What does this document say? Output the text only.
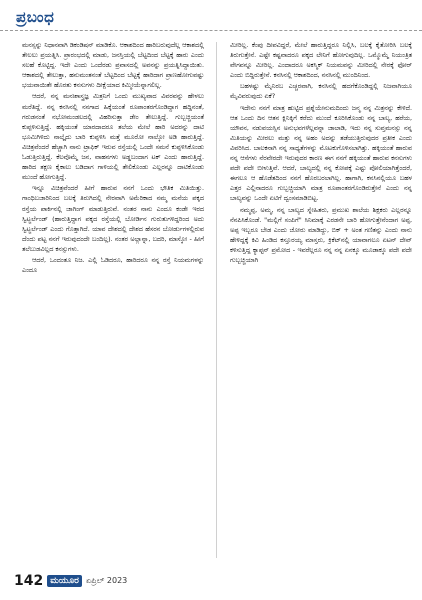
ಪ್ರಬಂಧ

ಮನಸ್ಸನ್ನು ನಿಧಾನವಾಗಿ ಡಿಕಂಡಿಷನ್ ಮಾಡಿಕೊ. ಆಕಾಶದಿಂದ ಹಾರಿಬರುವುದೆಲ್ಲ ಆಕಾಶದಲ್ಲಿ ತೇಲಲು ಪ್ರಯತ್ನಿಸಿ. ಪ್ರಾರಂಭದಲ್ಲಿ ಮಾಡು, ಜನಸ್ತಿಯಲ್ಲಿ ಬೆಟ್ಟದಿಂದ ಬೆಟ್ಟಕ್ಕೆ ಹಾರು ಎಂದು ಸಲಹೆ ಕೊಟ್ಟಿದ್ದ. ಇದೇ ಎಂದು ಒಂದೆರಡು ಪ್ರವಾಸದಲ್ಲಿ ಅವನನ್ನು ಪ್ರಯತ್ನಿಸಿದ್ದಾಯಿತು. ಆಕಾಶದಲ್ಲಿ ತೇಲುತ್ತಾ, ಹನುಮಂತನಂತೆ ಬೆಟ್ಟದಿಂದ ಬೆಟ್ಟಕ್ಕೆ ಹಾರಿದಾಗ ಪ್ರಾಣಹೋಗುವಷ್ಟು ಭಯವಾಯಿತೇ ಹೊರತು ಕನಸುಗಳು ದೀಕ್ಷೆಯಾದ ಕಿಮ್ಮೀಯೆನ್ನಾಗಲಿಲ್ಲ.

ಆದರೆ, ನನ್ನ ಮನಃಶಾಸ್ತ್ರಜ್ಞ ಮಿತ್ರನಿಗೆ ಒಂದು ಮುಖ್ಯವಾದ ವಿವರವನ್ನು ಹೇಳಲು ಮರೆತಿದ್ದೆ. ನನ್ನ ಕನಸಿನಲ್ಲಿ ನನಗಾದ ಹಿಕ್ಕೆಯಂತೆ ರೂಪಾಂತರಗೊಂಡಿದ್ದಾಗ ಹದ್ದಿನಂತೆ, ಗರುಡನಂತೆ ನಭೋಮಂಡಲದಲ್ಲಿ ವಿಹರಿಸುತ್ತಾ ಡೇಂ ತೇಲುತ್ತಿದ್ದೆ. ಗುಬ್ಬಚ್ಚಿಯಂತೆ ಕುಪ್ಪಳಿಸುತ್ತಿದ್ದೆ. ಹಕ್ಕಿಯಂತೆ ಯಾರದಾದರೂ ತಲೆಯ ಮೇಲೆ ಹಾರಿ ಅದರನ್ನು ದಾಟಿ ಭೂಮಿಗಿಳಿದು ನಾಲ್ಕೈದು ಬಾರಿ ಕುಪ್ಪಳಿಸಿ ಮತ್ತೆ ಮೂರೋ ನಾಲ್ಕೋ ಅಡಿ ಹಾರುತ್ತಿದ್ದೆ. ವಿಚಿತ್ರವೆಂದರೆ ಹೆಚ್ಚಾಗಿ ನಾನು ಟ್ರಾಫಿಕ್ ಇರುವ ರಸ್ತೆಯಲ್ಲಿ ಒಂದೇ ಸಮನೆ ಕುಪ್ಪಳಿಸಿಕೊಂಡು ಓಡುತ್ತಿರುತ್ತಿದ್ದೆ. ಕೆಲವೊಮ್ಮೆ ಜನ, ವಾಹನಗಳು ಅಡ್ಡಬಂದಾಗ ಟಕ್ ಎಂದು ಹಾರುತ್ತಿದ್ದೆ. ಹಾರಿದ ತಕ್ಷಣ ಕೈಕಾಲು ಬಡಿದಾಗ ಗಾಳಿಯಲ್ಲಿ ತೇಲಿಕೊಂಡು ಎಲ್ಲರನ್ನೂ ದಾಟಿಕೊಂಡು ಮುಂದೆ ಹೋಗುತ್ತಿದ್ದೆ.

ಇನ್ನೂ ವಿಚಿತ್ರವೆಂದರೆ ಹೀಗೆ ಹಾರುವ ನನಗೆ ಒಂದು ಭೌತಿಕ ಮಿತಿಯಿತ್ತು. ಗಾಂಧಿಬಜಾರಿನಿಂದ ಬಲಕ್ಕೆ ತಿರುಗಿದಲ್ಲಿ ನೇರವಾಗಿ ಅಮೆರಿಕಾದ ನಮ್ಮ ಮನೆಯ ಪಕ್ಕದ ರಸ್ತೆಯ ಪಾರ್ಕಿನಲ್ಲಿ ಜಾಗಿಂಗ್ ಮಾಡುತ್ತಿರುವೆ. ನಂತರ ನಾನು ಎಂದೂ ಕಂಡೇ ಇರದ ಸ್ವಿಟ್ಜರ್ಲೆಂಡ್ (ಹಾರುತ್ತಿದ್ದಾಗ ಪಕ್ಕದ ರಸ್ತೆಯಲ್ಲಿ ಬೋರ್ಡಿನ ಗುರುತುಗಳಿದ್ದರಿಂದ ಅದು ಸ್ವಿಟ್ಜರ್ಲೆಂಡ್ ಎಂದು ಗೊತ್ತಾಗಿದೆ. ಯಾವ ದೇಶದಲ್ಲಿ ದೇಶದ ಹೆಸರನ ಬೋರ್ಡುಗಳಲ್ಲಿರುವ ದೆಂದು ಪಟ್ಟ ನನಗೆ ಇರುವುದಂದೇ ಬಂದಿಲ್ಲ). ನಂತರ ಅಲ್ಲಾನ್ನಾ, ಬದರಿ, ಮಾಸ್ಕೋ - ಹೀಗೆ ತಲೆಬುಡವಿಲ್ಲದ ಕನಸ್ಸುಗಳು.

ಆದರೆ, ಒಂದಂತೂ ನಿಜ. ಎಲ್ಲಿ ಓಡಿದರೂ, ಹಾರಿದರೂ ನನ್ನ ರಸ್ತೆ ನಿಯಮಗಳನ್ನು ಎಂದೂ

ಮೀರಿಲ್ಲ. ಕೆಂಪು ದೀಪವಿದ್ದರೆ, ಮೇಲೆ ಹಾರುತ್ತಿದ್ದರೂ ನಿಲ್ಲಿಸಿ, ಬಲಕ್ಕೆ ಕೈತೋರಿಸಿ ಬಲಕ್ಕೆ ತಿರುಗುತ್ತೇನೆ. ಎಷ್ಟೇ ಕಷ್ಟವಾದರೂ ಪಕ್ಕದ ಲೇನಿಗೆ ಹೋಗುವುದಿಲ್ಲ. ಒಮ್ಮೊಮ್ಮೆ ನಿಯಂತ್ರಿತ ವೇಗವನ್ನೂ ಮೀರಿಲ್ಲ. ಎಂದಾದರೂ ಅಕಸ್ಮಿಕ್ ನಿಯಮವನ್ನು ಮೀರಿದಲ್ಲಿ ನೇರಕ್ಕೆ ಫೋರ್ ಎಂದು ಬಿದ್ದಿರುತ್ತೇನೆ. ಕನಸಿನಲ್ಲಿ ಆಕಾಶದಿಂದ, ನನಸಿನಲ್ಲಿ ಮುಂದಿನಿಂದ.

ಬಹಳಷ್ಟು ಮೈನಿರಬ ಎಚ್ಚರವಾಗಿ, ಕನಸಿನಲ್ಲಿ ಹದಗೆಕೊಂಡಿದ್ದಲ್ಲಿ ನಿಜವಾಗಿಯೂ ಮೈವಿವರುವುದು ಏಕೆ?

ಇದೇನು ನನಗೆ ಮಾತ್ರ ಹುಟ್ಟಿದ ಪ್ರಶ್ನೆಯೇನುಮದಿಂದು ಜನ್ಮ ನನ್ನ ಮಿತ್ರನನ್ನು ಕೇಳಿದೆ. ಆತ ಒಂದು ದಿನ ಆತನ ಕ್ಲಿನಿಕ್ಕಿಗೆ ಕರೆದು ಮುಂದೆ ಕೂರಿಸಿಕೊಂಡು ನನ್ನ ಬಾಲ್ಯ, ಹರೆಯ, ಯೌವನ, ನಡುವಯಸ್ಸಿನ ಅನುಭವಗಳೆಲ್ಲವನ್ನಾ ಜಾಲಾಡಿ, ಇದು ನನ್ನ ಸುಪ್ತಮನಸ್ಸು ನನ್ನ ಮಿತಿಯನ್ನು ಮೀರಲು ಮತ್ತು ನನ್ನ ಅಹಂ ಅದನ್ನು ತಡೆಯುತ್ತಿರುವುದರ ಪ್ರತೀಕ ಎಂದು ವಿವರಿಸಿದ. ಬಾಲಕನಾಗಿ ನನ್ನ ಸಾಧ್ಯತೆಗಳನ್ನು ಮೊಟಕುಗೊಳಿಸಲಾಗಿತ್ತು. ಹಕ್ಕಿಯಂತೆ ಹಾರುವ ನನ್ನ ಆಸೆಗಳು ನೆರವೇರದೇ ಇರುವುದರ ಕಾರಣ ಈಗ ನನಗೆ ಹಕ್ಕಿಯಂತೆ ಹಾರುವ ಕನಸುಗಳು ಪದೇ ಪದೇ ಬೀಳುತ್ತಿವೆ. ಆದರೆ, ಬಾಲ್ಯದಲ್ಲಿ ನನ್ನ ಕೋಪಕ್ಕೆ ಎಷ್ಟು ಪೋಲಿಯಾಗಿತ್ತೆಂದರೆ, ಈಗಲೂ ಆ ಹೊಡೆತದಿಂದ ನನಗೆ ಹೊರಬರಲಾಗಿಲ್ಲ. ಹಾಗಾಗಿ, ಕನಸಿನಲ್ಲಿಯೂ ಬಹಳ ಎತ್ತರ ಎಲ್ಲಿನಾದರೂ ಗುಬ್ಬಚ್ಚಿಯಾಗಿ ಮಾತ್ರ ರೂಪಾಂತರಗೊಂಡಿರುತ್ತೇನೆ ಎಂದು ನನ್ನ ಬಾಲ್ಯವನ್ನು ಒಂದೇ ಏಟಿಗೆ ದ್ವಂಸಮಾಡಿಬಿಟ್ಟ.

ನಮ್ಮಪ್ಪ, ಅಮ್ಮ, ನನ್ನ ಬಾಲ್ಯದ ಸ್ನೇಹಿತರು, ಪ್ರಮುಖ ಶಾಲೆಯ ಶಿಕ್ಷಕರು ಎಲ್ಲರನ್ನೂ ನೆನಪಿಸಿಕೊಂಡೆ. "ಮಲ್ಲಿಗೆ ಸಂಪಿಗೆ" ಸಿನಿಮಾಕ್ಕೆ ಎರಡನೇ ಬಾರಿ ಹೋಗುತ್ತೇನೆಂದಾಗ ಅಪ್ಪ, ಅಪ್ಪ ಇಬ್ಬರೂ ಬೇಡ ಎಂದು ಜೋರು ಮಾಡಿದ್ದು, ಬಿಕ್ + ಅಂತ ಗಣಿತನ್ನು ಎಂದು ನಾನು ಹೇಳಿದ್ದಕ್ಕೆ ಕಿವಿ ಹಿಂಡಿದ ಕಸ್ತೂರಯ್ಯ ಮಾಸ್ತರು, ಕ್ರಿಕೆಟ್‌ನಲ್ಲಿ ಯಾವಾಗಲೂ ಏಟನ್ ದೇವ್ ಕಳಿಸುತ್ತಿದ್ದ ಕ್ಯಾಪ್ಟನ್ ಪ್ರಮೋದ - ಇವರೆಲ್ಲರೂ ನನ್ನ ನನ್ನ ಏನಕ್ಕೂ ಮೂಡಾಕ್ಕೂ ಪದೇ ಪದೇ ಗುಬ್ಬಚ್ಚಿಯಾಗಿ

142 ಮಯೂರ ಏಪ್ರಿಲ್ 2023
